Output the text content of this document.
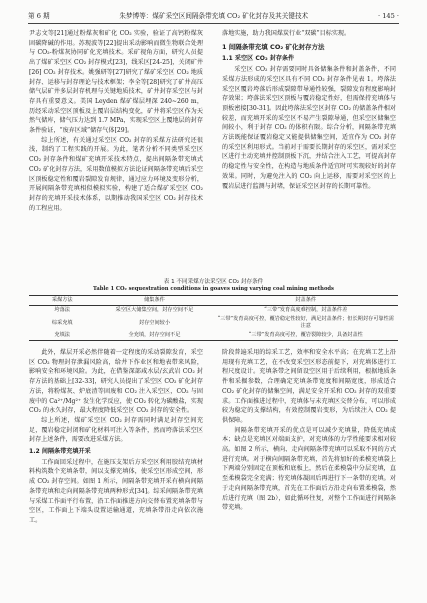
第 6 期	朱梦博等：煤矿采空区间隔条带充填 CO₂ 矿化封存及其关键技术	· 145 ·

尹志文等[21]通过粉煤灰和矿化 CO₂ 实验，验证了高钙粉煤灰固碳降碱的作用。苏现波等[22]提出采动影响而微生物联合处理与 CO₂-粉煤灰协同矿化充填技术。采矿视角方面，研究人员提出了煤矿采空区 CO₂ 封存模式[23]，线采区[24-25]，关闭矿井[26] CO₂ 封存技术。姚强研等[27]研究了煤矿采空区 CO₂ 地质封存、运移与封存理论与技术框架；李全等[28]研究了矿井高压储气层矿井多层封存机理与关键地质技术，矿井封存采空区与封存具有重要意义。美国 Leyden 煤矿煤层埋深 240~260 m，历经采动采空区顶板及上覆岩层结构变化，矿井将采空区作为天然气储库，储气压力达到 1.7 MPa，实现采空区上覆地层的封存条件验证，“废弃区域”储存气体[29]。

综上所述，有关通过采空区 CO₂ 封存的采煤方法研究还很浅，制约了工程实践的开展。为此，笔者分析不同类型采空区 CO₂ 封存条件和煤矿充填开采技术特点，提出间隔条带充填式 CO₂ 矿化封存方法，采用数值模拟方法论证间隔条带充填后采空区顶板稳定性和覆岩裂隙发育规律，通过应力环境及变形分析，开展间隔条带充填相似模拟实验，构建了适合煤矿采空区 CO₂ 封存的充填开采技术体系，以期推动我国采空区 CO₂ 封存技术的工程应用。

落地实施，助力我国煤炭行业“双碳”目标实现。

1 间隔条带充填 CO₂ 矿化封存方法
1.1 采空区 CO₂ 封存条件

采空区 CO₂ 封存需要同时具备储集条件和封盖条件，不同采煤方法形成的采空区具有不同 CO₂ 封存条件见表 1。垮落法采空区覆岩垮落后形成裂隙带导通性较强，裂隙发育程度影响封存效果；垮落法采空区顶板与覆岩稳定性好，但需保持充填体与顶板密接[30-31]。因此垮落法采空区封存 CO₂ 的储盖条件相对较差，而充填开采的采空区不易产生裂隙导通，但采空区储集空间较小，利于封存 CO₂ 的体积有限。综合分析，间隔条带充填方法既能保证覆岩稳定又能提供储集空间，适宜作为 CO₂ 封存的采空区利用形式。当前对于需要长期封存的采空区，需对采空区进行主动充填并控制顶板下沉，并结合注入工艺，可提高封存的稳定性与安全性，在构造与地质条件适宜时可实现较好的封存效果。同时，为避免注入的 CO₂ 向上运移，需要对采空区的上覆岩层进行监测与封堵，保证采空区封存的长期可靠性。

表 1 不同采煤方法采空区 CO₂ 封存条件
Table 1 CO₂ sequestration conditions in goaves using varying coal mining methods
采煤方法	储集条件	封盖条件
垮落法	采空区大储集空间，封存空间不足	“三带”发育高度难控制，封盖条件差
综采充填	封存空间较小	“三带”发育高度可控，覆岩稳定性较好，满足封盖条件；但长期封存可靠性需注意
充填法	全充填，封存空间不足	“三带”发育高度可控，覆岩裂隙较少，具备封盖性

此外，煤层开采必然伴随着一定程度的采动裂隙发育，采空区 CO₂ 物理封存泄漏风险高，给井下作业区和地表带来风险，影响安全和环境风险。为此，在借鉴深部咸水层/玄武岩 CO₂ 封存方法的基础上[32-33]，研究人员提出了采空区 CO₂ 矿化封存方法，将粉煤灰、炉底渣等固废和 CO₂ 注入采空区，CO₂ 与固废中的 Ca²⁺/Mg²⁺ 发生化学反应，使 CO₂ 转化为碳酸盐，实现 CO₂ 的永久封存，最大程度降低采空区 CO₂ 封存的安全性。

综上所述，煤矿采空区 CO₂ 封存需同时满足封存空间充足，覆岩稳定封闭和矿化材料可注入等条件，然而垮落法采空区封存上述条件，需要改进采煤方法。

1.2 间隔条带充填开采

工作面回采过程中，在施压支架后方采空区利用胶结充填材料构筑数个充填条带，间以支撑充填体，使采空区形成空间，形成 CO₂ 封存空间。如图 1 所示，间隔条带充填开采有横向间隔条带充填和走向间隔条带充填两种形式[34]。综采间隔条带充填与采煤工作面平行布置，沿工作面推进方向交替布置充填条带与空区，工作面上下端头设置运输通道，充填条带沿走向依次施工。

阶段普遍采用的综采工艺，效率和安全水平高；在充填工艺上沿用现有充填工艺，在不改变采空区形态前提下，对充填体进行工程尺度设计。充填条带之间留设空区用于后续利用，根据地质条件和采掘参数，合理确定充填条带宽度和间隔宽度，形成适合 CO₂ 矿化封存的储集空间，满足安全开采和 CO₂ 封存的双重要求。工作面推进过程中，充填体与未充填区交替分布，可以形成较为稳定的支撑结构，有效控制覆岩变形，为后续注入 CO₂ 提供保障。

间隔条带充填开采的优点是可以减少充填量，降低充填成本；缺点是充填区对端面支护，对充填体的力学性能要求相对较高。如图 2 所示，横向、走向间隔条带充填可以采取不同的方式进行充填。对于横向间隔条带充填，首先将加好的柔模充填袋上下两端分别固定在顶板和底板上，然后在柔模袋中分层充填，直至柔模袋完全充满；待充填体凝固后再进行下一条带的充填。对于走向间隔条带充填，首先在工作面后方沿走向布置柔模袋，然后进行充填（图 2b），如此循环往复，对整个工作面进行间隔条带充填。
